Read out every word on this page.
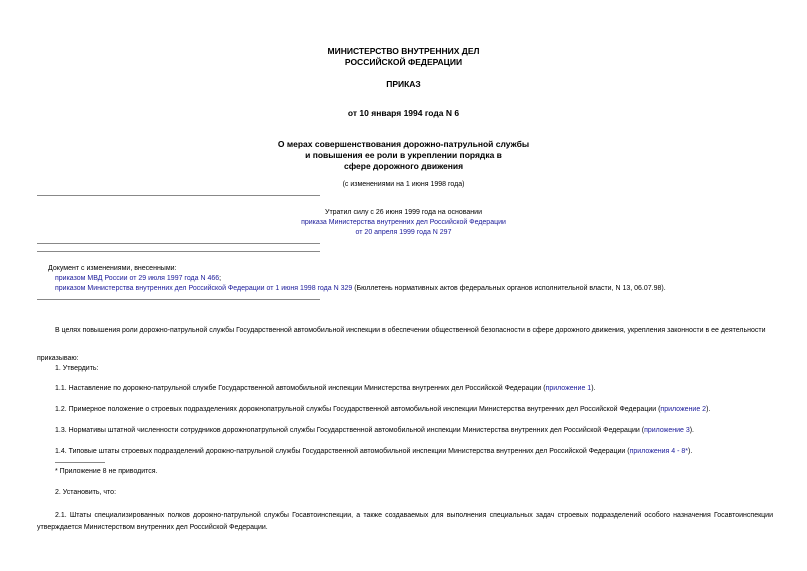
МИНИСТЕРСТВО ВНУТРЕННИХ ДЕЛ
РОССИЙСКОЙ ФЕДЕРАЦИИ
ПРИКАЗ
от 10 января 1994 года N 6
О мерах совершенствования дорожно-патрульной службы
и повышения ее роли в укреплении порядка в
сфере дорожного движения
(с изменениями на 1 июня 1998 года)
Утратил силу с 26 июня 1999 года на основании
приказа Министерства внутренних дел Российской Федерации
от 20 апреля 1999 года N 297
Документ с изменениями, внесенными:
приказом МВД России от 29 июля 1997 года N 466;
приказом Министерства внутренних дел Российской Федерации от 1 июня 1998 года N 329 (Бюллетень нормативных актов федеральных органов исполнительной власти, N 13, 06.07.98).
В целях повышения роли дорожно-патрульной службы Государственной автомобильной инспекции в обеспечении общественной безопасности в сфере дорожного движения, укрепления законности в ее деятельности
приказываю:
1. Утвердить:
1.1. Наставление по дорожно-патрульной службе Государственной автомобильной инспекции Министерства внутренних дел Российской Федерации (приложение 1).
1.2. Примерное положение о строевых подразделениях дорожнопатрульной службы Государственной автомобильной инспекции Министерства внутренних дел Российской Федерации (приложение 2).
1.3. Нормативы штатной численности сотрудников дорожнопатрульной службы Государственной автомобильной инспекции Министерства внутренних дел Российской Федерации (приложение 3).
1.4. Типовые штаты строевых подразделений дорожно-патрульной службы Государственной автомобильной инспекции Министерства внутренних дел Российской Федерации (приложения 4 - 8*).
* Приложение 8 не приводится.
2. Установить, что:
2.1. Штаты специализированных полков дорожно-патрульной службы Госавтоинспекции, а также создаваемых для выполнения специальных задач строевых подразделений особого назначения Госавтоинспекции утверждается Министерством внутренних дел Российской Федерации.
